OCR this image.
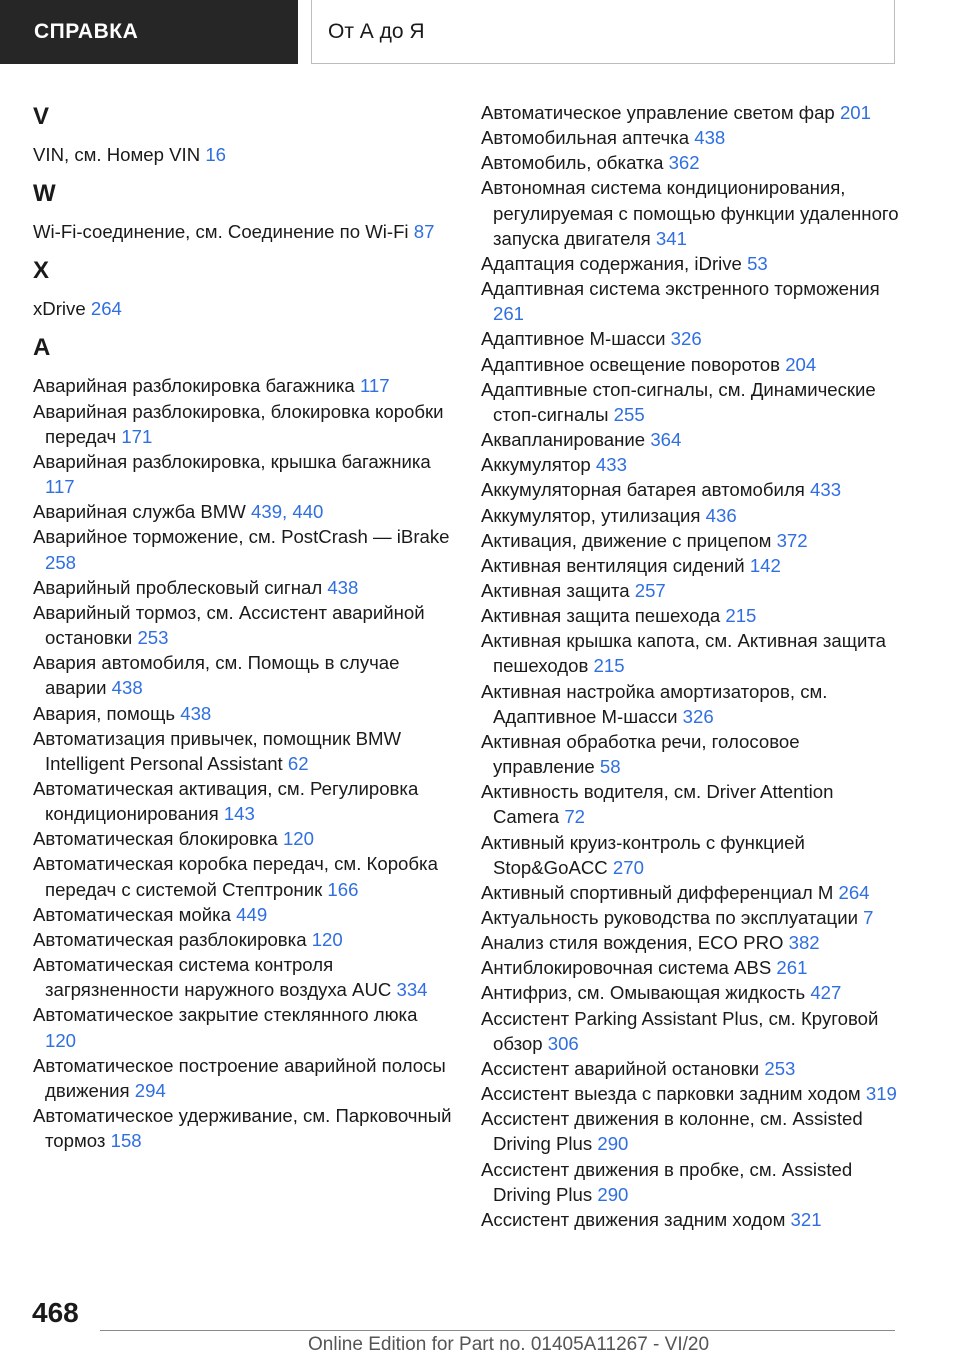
СПРАВКА	От А до Я
V
VIN, см. Номер VIN 16
W
Wi-Fi-соединение, см. Соединение по Wi-Fi 87
X
xDrive 264
А
Аварийная разблокировка багажника 117
Аварийная разблокировка, блокировка коробки передач 171
Аварийная разблокировка, крышка багажника 117
Аварийная служба BMW 439, 440
Аварийное торможение, см. PostCrash — iBrake 258
Аварийный проблесковый сигнал 438
Аварийный тормоз, см. Ассистент аварийной остановки 253
Авария автомобиля, см. Помощь в случае аварии 438
Авария, помощь 438
Автоматизация привычек, помощник BMW Intelligent Personal Assistant 62
Автоматическая активация, см. Регулировка кондиционирования 143
Автоматическая блокировка 120
Автоматическая коробка передач, см. Коробка передач с системой Стептроник 166
Автоматическая мойка 449
Автоматическая разблокировка 120
Автоматическая система контроля загрязненности наружного воздуха AUC 334
Автоматическое закрытие стеклянного люка 120
Автоматическое построение аварийной полосы движения 294
Автоматическое удерживание, см. Парковочный тормоз 158
Автоматическое управление светом фар 201
Автомобильная аптечка 438
Автомобиль, обкатка 362
Автономная система кондиционирования, регулируемая с помощью функции удаленного запуска двигателя 341
Адаптация содержания, iDrive 53
Адаптивная система экстренного торможения 261
Адаптивное М-шасси 326
Адаптивное освещение поворотов 204
Адаптивные стоп-сигналы, см. Динамические стоп-сигналы 255
Аквапланирование 364
Аккумулятор 433
Аккумуляторная батарея автомобиля 433
Аккумулятор, утилизация 436
Активация, движение с прицепом 372
Активная вентиляция сидений 142
Активная защита 257
Активная защита пешехода 215
Активная крышка капота, см. Активная защита пешеходов 215
Активная настройка амортизаторов, см. Адаптивное М-шасси 326
Активная обработка речи, голосовое управление 58
Активность водителя, см. Driver Attention Camera 72
Активный круиз-контроль с функцией Stop&GoACC 270
Активный спортивный дифференциал M 264
Актуальность руководства по эксплуатации 7
Анализ стиля вождения, ECO PRO 382
Антиблокировочная система ABS 261
Антифриз, см. Омывающая жидкость 427
Ассистент Parking Assistant Plus, см. Круговой обзор 306
Ассистент аварийной остановки 253
Ассистент выезда с парковки задним ходом 319
Ассистент движения в колонне, см. Assisted Driving Plus 290
Ассистент движения в пробке, см. Assisted Driving Plus 290
Ассистент движения задним ходом 321
468
Online Edition for Part no. 01405A11267 - VI/20
